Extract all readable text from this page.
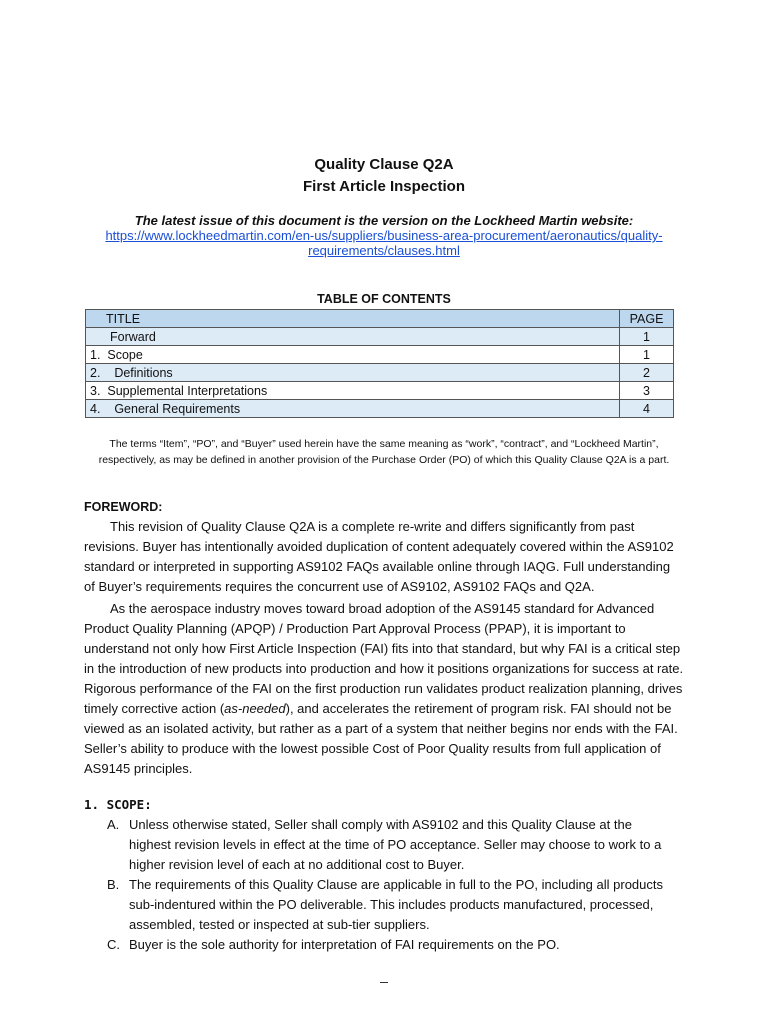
Quality Clause Q2A
First Article Inspection
The latest issue of this document is the version on the Lockheed Martin website:
https://www.lockheedmartin.com/en-us/suppliers/business-area-procurement/aeronautics/quality-requirements/clauses.html
TABLE OF CONTENTS
TITLE	PAGE
Forward	1
1.  Scope	1
2.    Definitions	2
3.  Supplemental Interpretations	3
4.    General Requirements	4
The terms “Item”, “PO”, and “Buyer” used herein have the same meaning as “work”, “contract”, and “Lockheed Martin”, respectively, as may be defined in another provision of the Purchase Order (PO) of which this Quality Clause Q2A is a part.
FOREWORD:
This revision of Quality Clause Q2A is a complete re-write and differs significantly from past revisions. Buyer has intentionally avoided duplication of content adequately covered within the AS9102 standard or interpreted in supporting AS9102 FAQs available online through IAQG. Full understanding of Buyer’s requirements requires the concurrent use of AS9102, AS9102 FAQs and Q2A.
As the aerospace industry moves toward broad adoption of the AS9145 standard for Advanced Product Quality Planning (APQP) / Production Part Approval Process (PPAP), it is important to understand not only how First Article Inspection (FAI) fits into that standard, but why FAI is a critical step in the introduction of new products into production and how it positions organizations for success at rate. Rigorous performance of the FAI on the first production run validates product realization planning, drives timely corrective action (as-needed), and accelerates the retirement of program risk. FAI should not be viewed as an isolated activity, but rather as a part of a system that neither begins nor ends with the FAI. Seller’s ability to produce with the lowest possible Cost of Poor Quality results from full application of AS9145 principles.
1. SCOPE:
A. Unless otherwise stated, Seller shall comply with AS9102 and this Quality Clause at the highest revision levels in effect at the time of PO acceptance. Seller may choose to work to a higher revision level of each at no additional cost to Buyer.
B. The requirements of this Quality Clause are applicable in full to the PO, including all products sub-indentured within the PO deliverable. This includes products manufactured, processed, assembled, tested or inspected at sub-tier suppliers.
C. Buyer is the sole authority for interpretation of FAI requirements on the PO.
